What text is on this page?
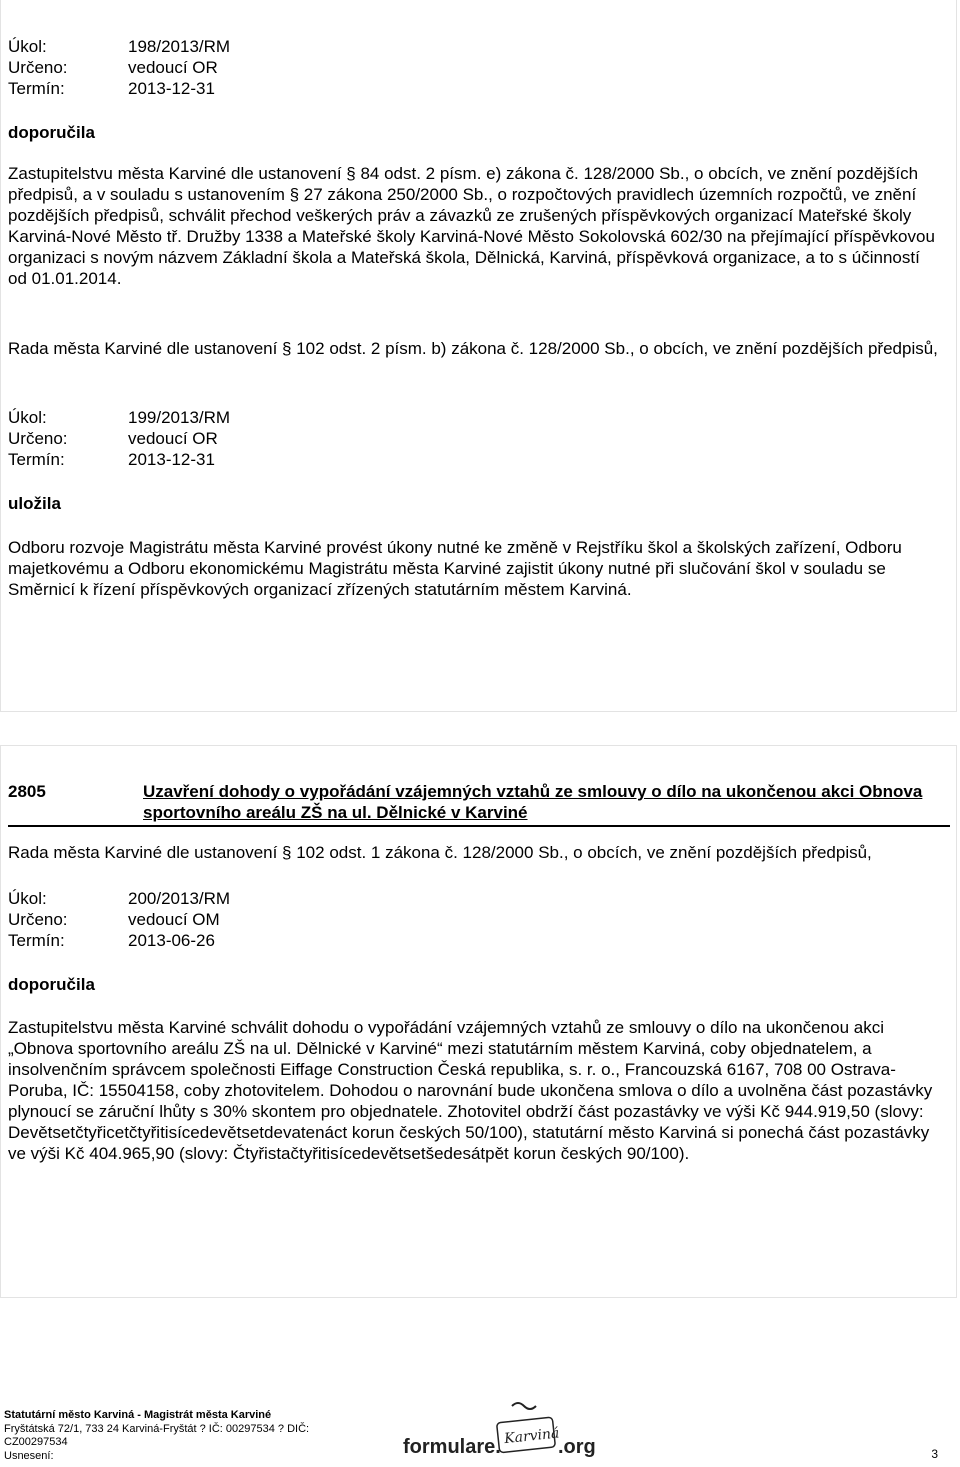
Úkol:	198/2013/RM
Určeno:	vedoucí OR
Termín:	2013-12-31
doporučila
Zastupitelstvu města Karviné dle ustanovení § 84 odst. 2 písm. e) zákona č. 128/2000 Sb., o obcích, ve znění pozdějších předpisů, a v souladu s ustanovením § 27 zákona 250/2000 Sb., o rozpočtových pravidlech územních rozpočtů, ve znění pozdějších předpisů, schválit přechod veškerých práv a závazků ze zrušených příspěvkových organizací Mateřské školy Karviná-Nové Město tř. Družby 1338 a Mateřské školy Karviná-Nové Město Sokolovská 602/30 na přejímající příspěvkovou organizaci s novým názvem Základní škola a Mateřská škola, Dělnická, Karviná, příspěvková organizace, a to s účinností od 01.01.2014.
Rada města Karviné dle ustanovení § 102 odst. 2 písm. b) zákona č. 128/2000 Sb., o obcích, ve znění pozdějších předpisů,
Úkol:	199/2013/RM
Určeno:	vedoucí OR
Termín:	2013-12-31
uložila
Odboru rozvoje Magistrátu města Karviné provést úkony nutné ke změně v Rejstříku škol a školských zařízení, Odboru majetkovému a Odboru ekonomickému Magistrátu města Karviné zajistit úkony nutné při slučování škol v souladu se Směrnicí k řízení příspěvkových organizací zřízených statutárním městem Karviná.
2805	Uzavření dohody o vypořádání vzájemných vztahů ze smlouvy o dílo na ukončenou akci Obnova sportovního areálu ZŠ na ul. Dělnické v Karviné
Rada města Karviné dle ustanovení § 102 odst. 1 zákona č. 128/2000 Sb., o obcích, ve znění pozdějších předpisů,
Úkol:	200/2013/RM
Určeno:	vedoucí OM
Termín:	2013-06-26
doporučila
Zastupitelstvu města Karviné schválit dohodu o vypořádání vzájemných vztahů ze smlouvy o dílo na ukončenou akci „Obnova sportovního areálu ZŠ na ul. Dělnické v Karviné“ mezi statutárním městem Karviná, coby objednatelem, a insolvenčním správcem společnosti Eiffage Construction Česká republika, s. r. o., Francouzská 6167, 708 00 Ostrava-Poruba, IČ: 15504158, coby zhotovitelem. Dohodou o narovnání bude ukončena smlova o dílo a uvolněna část pozastávky plynoucí se záruční lhůty s 30% skontem pro objednatele. Zhotovitel obdrží část pozastávky ve výši Kč 944.919,50 (slovy: Devětsetčtyřicetčtyřitisícedevětsetdevatenáct korun českých 50/100), statutární město Karviná si ponechá část pozastávky ve výši Kč 404.965,90 (slovy: Čtyřistačtyřitisícedevětsetšedesátpět korun českých 90/100).
Statutární město Karviná - Magistrát města Karviné
Fryštátská 72/1, 733 24 Karviná-Fryštát ? IČ: 00297534 ? DIČ:
CZ00297534
Usnesení:	formulare. Karviná
.org	3
